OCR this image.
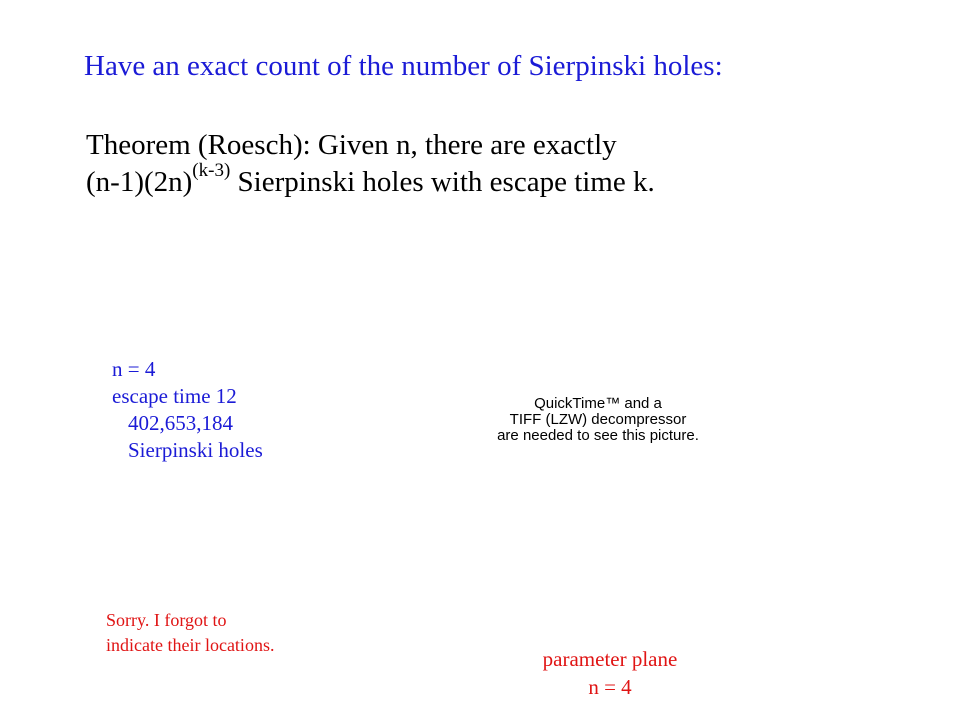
Have an exact count of the number of Sierpinski holes:
Theorem (Roesch): Given n, there are exactly
$(n-1)(2n)^{(k-3)}$ Sierpinski holes with escape time k.
n = 4
escape time 12
402,653,184
Sierpinski holes
QuickTime™ and a
TIFF (LZW) decompressor
are needed to see this picture.
Sorry. I forgot to
indicate their locations.
parameter plane
n = 4
